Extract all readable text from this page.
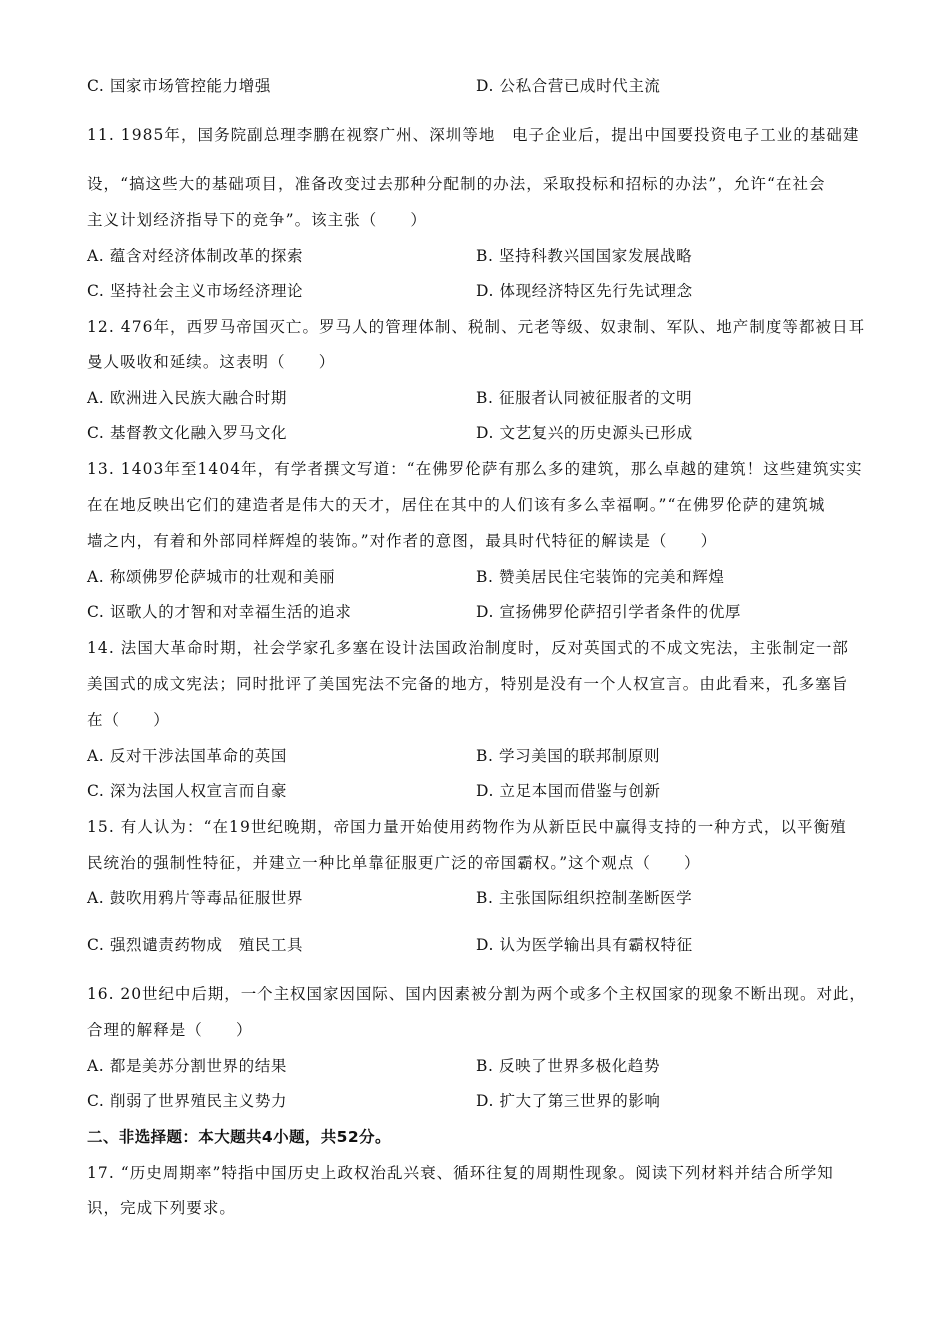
C. 国家市场管控能力增强	D. 公私合营已成时代主流
11. 1985年，国务院副总理李鹏在视察广州、深圳等地　电子企业后，提出中国要投资电子工业的基础建
设，“搞这些大的基础项目，准备改变过去那种分配制的办法，采取投标和招标的办法”，允许“在社会
主义计划经济指导下的竞争”。该主张（　　）
A. 蕴含对经济体制改革的探索	B. 坚持科教兴国国家发展战略
C. 坚持社会主义市场经济理论	D. 体现经济特区先行先试理念
12. 476年，西罗马帝国灭亡。罗马人的管理体制、税制、元老等级、奴隶制、军队、地产制度等都被日耳
曼人吸收和延续。这表明（　　）
A. 欧洲进入民族大融合时期	B. 征服者认同被征服者的文明
C. 基督教文化融入罗马文化	D. 文艺复兴的历史源头已形成
13. 1403年至1404年，有学者撰文写道：“在佛罗伦萨有那么多的建筑，那么卓越的建筑！这些建筑实实
在在地反映出它们的建造者是伟大的天才，居住在其中的人们该有多么幸福啊。”“在佛罗伦萨的建筑城
墙之内，有着和外部同样辉煌的装饰。”对作者的意图，最具时代特征的解读是（　　）
A. 称颂佛罗伦萨城市的壮观和美丽	B. 赞美居民住宅装饰的完美和辉煌
C. 讴歌人的才智和对幸福生活的追求	D. 宣扬佛罗伦萨招引学者条件的优厚
14. 法国大革命时期，社会学家孔多塞在设计法国政治制度时，反对英国式的不成文宪法，主张制定一部
美国式的成文宪法；同时批评了美国宪法不完备的地方，特别是没有一个人权宣言。由此看来，孔多塞旨
在（　　）
A. 反对干涉法国革命的英国	B. 学习美国的联邦制原则
C. 深为法国人权宣言而自豪	D. 立足本国而借鉴与创新
15. 有人认为：“在19世纪晚期，帝国力量开始使用药物作为从新臣民中赢得支持的一种方式，以平衡殖
民统治的强制性特征，并建立一种比单靠征服更广泛的帝国霸权。”这个观点（　　）
A. 鼓吹用鸦片等毒品征服世界	B. 主张国际组织控制垄断医学
C. 强烈谴责药物成　殖民工具	D. 认为医学输出具有霸权特征
16. 20世纪中后期，一个主权国家因国际、国内因素被分割为两个或多个主权国家的现象不断出现。对此，
合理的解释是（　　）
A. 都是美苏分割世界的结果	B. 反映了世界多极化趋势
C. 削弱了世界殖民主义势力	D. 扩大了第三世界的影响
二、非选择题：本大题共4小题，共52分。
17. “历史周期率”特指中国历史上政权治乱兴衰、循环往复的周期性现象。阅读下列材料并结合所学知
识，完成下列要求。
